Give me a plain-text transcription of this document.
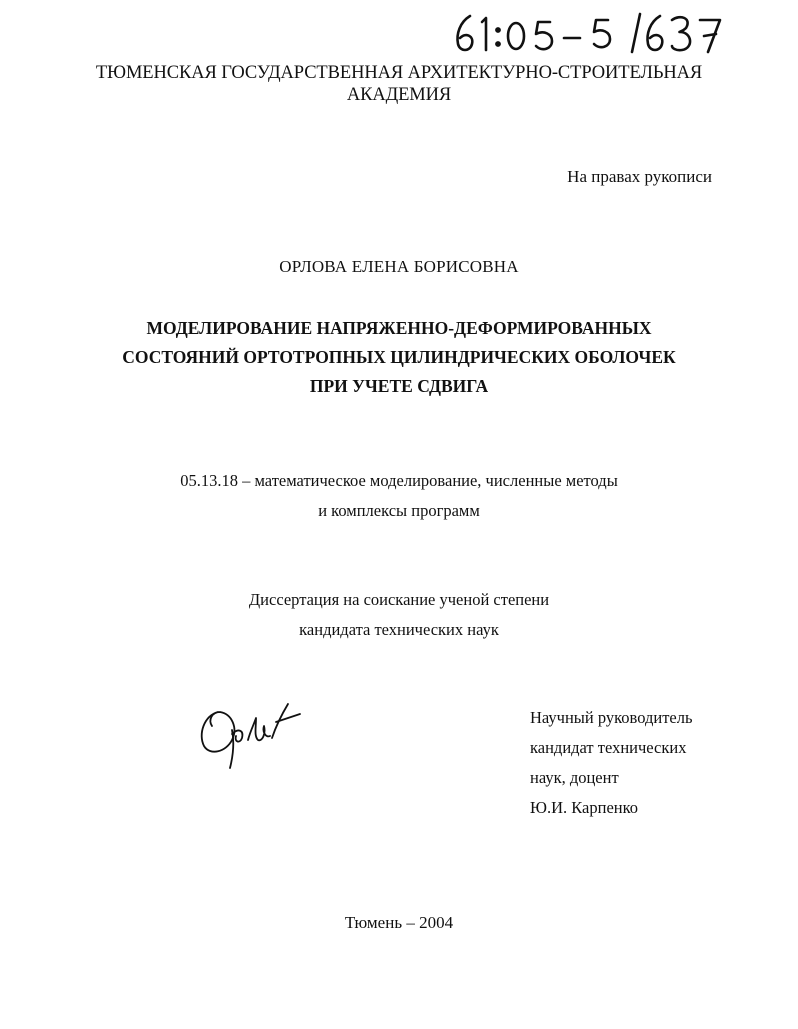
ТЮМЕНСКАЯ ГОСУДАРСТВЕННАЯ АРХИТЕКТУРНО-СТРОИТЕЛЬНАЯ
АКАДЕМИЯ
На правах рукописи
ОРЛОВА ЕЛЕНА БОРИСОВНА
МОДЕЛИРОВАНИЕ НАПРЯЖЕННО-ДЕФОРМИРОВАННЫХ
СОСТОЯНИЙ ОРТОТРОПНЫХ ЦИЛИНДРИЧЕСКИХ ОБОЛОЧЕК
ПРИ УЧЕТЕ СДВИГА
05.13.18 – математическое моделирование, численные методы
и комплексы программ
Диссертация на соискание ученой степени
кандидата технических наук
Научный руководитель
кандидат технических
наук, доцент
Ю.И. Карпенко
Тюмень – 2004
